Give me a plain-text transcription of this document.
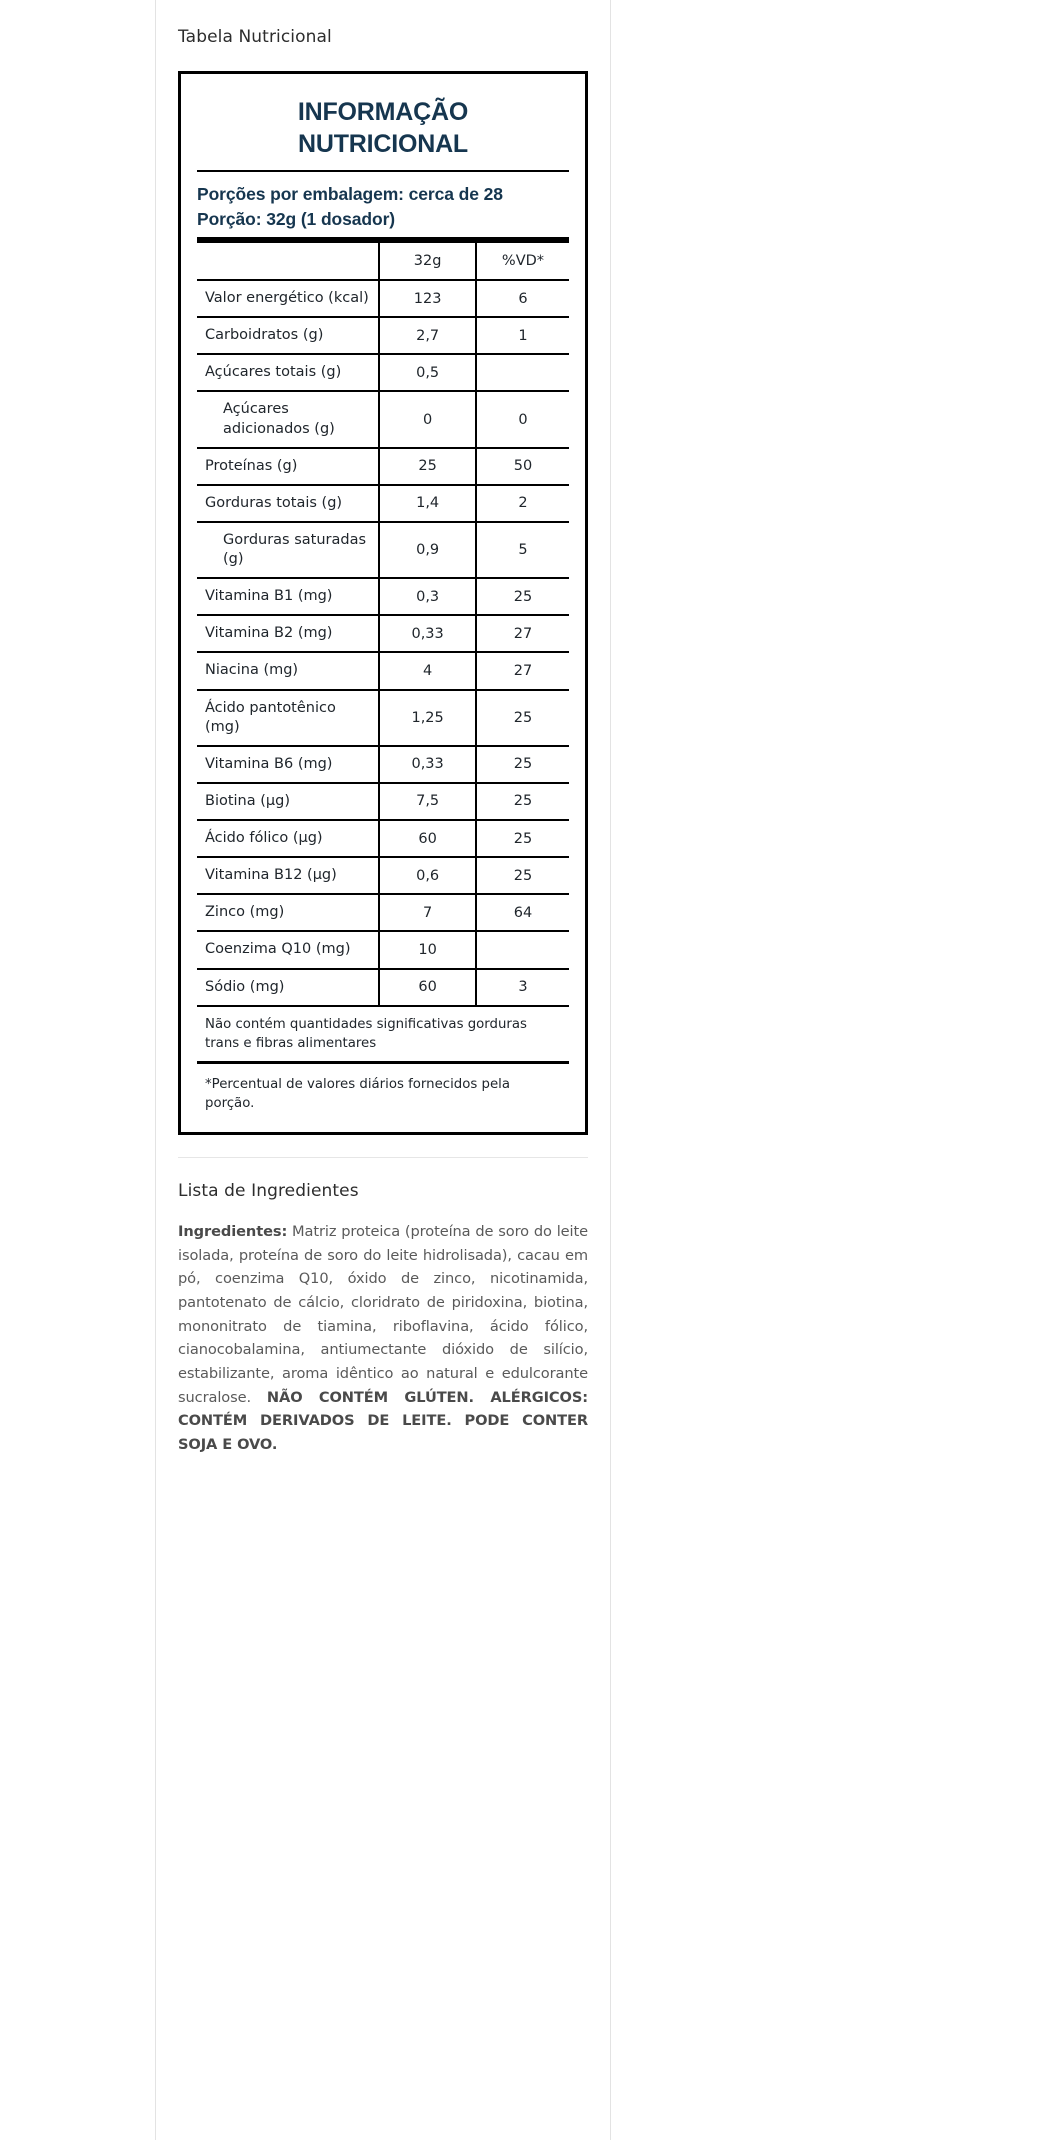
Tabela Nutricional
INFORMAÇÃO
NUTRICIONAL
Porções por embalagem: cerca de 28
Porção: 32g (1 dosador)
	32g	%VD*
Valor energético (kcal)	123	6
Carboidratos (g)	2,7	1
Açúcares totais (g)	0,5	
Açúcares adicionados (g)	0	0
Proteínas (g)	25	50
Gorduras totais (g)	1,4	2
Gorduras saturadas (g)	0,9	5
Vitamina B1 (mg)	0,3	25
Vitamina B2 (mg)	0,33	27
Niacina (mg)	4	27
Ácido pantotênico (mg)	1,25	25
Vitamina B6 (mg)	0,33	25
Biotina (µg)	7,5	25
Ácido fólico (µg)	60	25
Vitamina B12 (µg)	0,6	25
Zinco (mg)	7	64
Coenzima Q10 (mg)	10	
Sódio (mg)	60	3
Não contém quantidades significativas gorduras trans e fibras alimentares
*Percentual de valores diários fornecidos pela porção.
Lista de Ingredientes

Ingredientes: Matriz proteica (proteína de soro do leite isolada, proteína de soro do leite hidrolisada), cacau em pó, coenzima Q10, óxido de zinco, nicotinamida, pantotenato de cálcio, cloridrato de piridoxina, biotina, mononitrato de tiamina, riboflavina, ácido fólico, cianocobalamina, antiumectante dióxido de silício, estabilizante, aroma idêntico ao natural e edulcorante sucralose. NÃO CONTÉM GLÚTEN. ALÉRGICOS: CONTÉM DERIVADOS DE LEITE. PODE CONTER SOJA E OVO.
